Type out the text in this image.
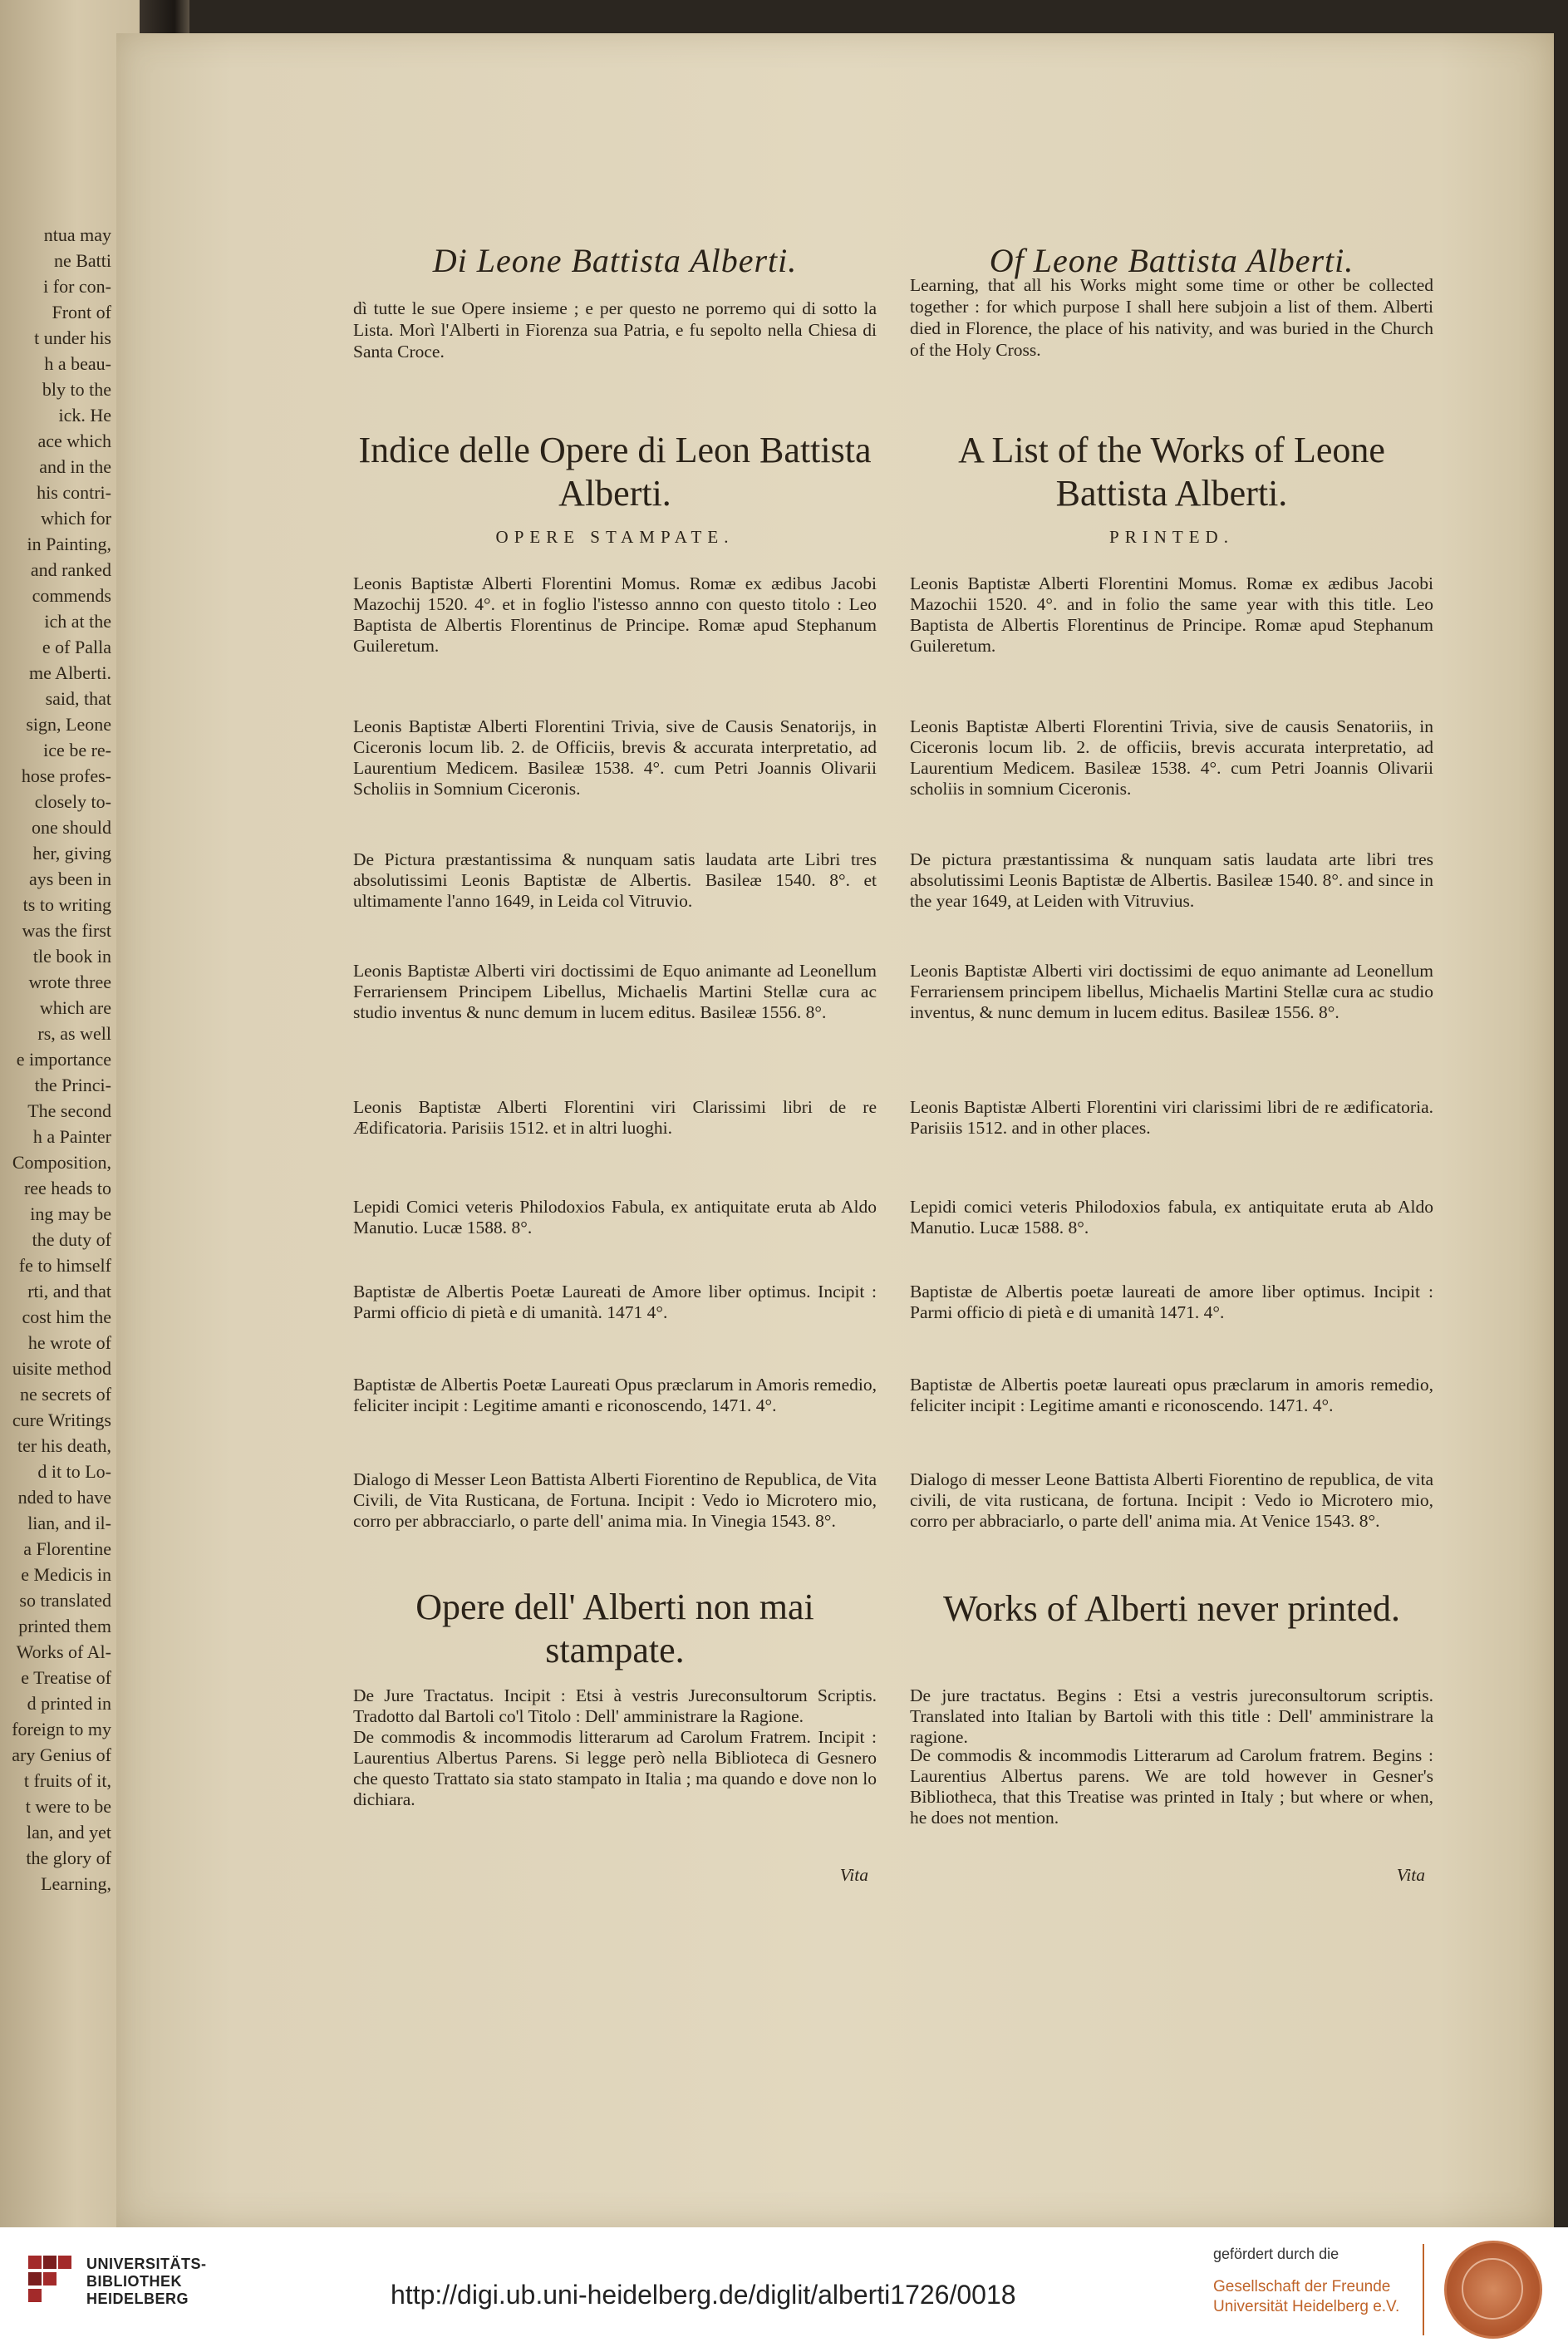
ntua may
ne Batti
i for con-
Front of
t under his
h a beau-
bly to the
ick. He
ace which
and in the
his contri-
which for
in Painting,
and ranked
commends
ich at the
e of Palla
me Alberti.
said, that
sign, Leone
ice be re-
hose profes-
closely to-
one should
her, giving
ays been in
ts to writing
was the first
tle book in
wrote three
which are
rs, as well
e importance
the Princi-
The second
h a Painter
Composition,
ree heads to
ing may be
the duty of
fe to himself
rti, and that
cost him the
he wrote of
uisite method
ne secrets of
cure Writings
ter his death,
d it to Lo-
nded to have
lian, and il-
a Florentine
e Medicis in
so translated
printed them
Works of Al-
e Treatise of
d printed in
foreign to my
ary Genius of
t fruits of it,
t were to be
lan, and yet
the glory of
Learning,
Di Leone Battista Alberti.
dì tutte le sue Opere insieme ; e per questo ne porremo qui di sotto la Lista. Morì l'Alberti in Fiorenza sua Patria, e fu sepolto nella Chiesa di Santa Croce.
Indice delle Opere di Leon Battista Alberti.
OPERE STAMPATE.
Leonis Baptistæ Alberti Florentini Momus. Romæ ex ædibus Jacobi Mazochij 1520. 4°. et in foglio l'istesso annno con questo titolo : Leo Baptista de Albertis Florentinus de Principe. Romæ apud Stephanum Guileretum.
Leonis Baptistæ Alberti Florentini Trivia, sive de Causis Senatorijs, in Ciceronis locum lib. 2. de Officiis, brevis & accurata interpretatio, ad Laurentium Medicem. Basileæ 1538. 4°. cum Petri Joannis Olivarii Scholiis in Somnium Ciceronis.
De Pictura præstantissima & nunquam satis laudata arte Libri tres absolutissimi Leonis Baptistæ de Albertis. Basileæ 1540. 8°. et ultimamente l'anno 1649, in Leida col Vitruvio.
Leonis Baptistæ Alberti viri doctissimi de Equo animante ad Leonellum Ferrariensem Principem Libellus, Michaelis Martini Stellæ cura ac studio inventus & nunc demum in lucem editus. Basileæ 1556. 8°.
Leonis Baptistæ Alberti Florentini viri Clarissimi libri de re Ædificatoria. Parisiis 1512. et in altri luoghi.
Lepidi Comici veteris Philodoxios Fabula, ex antiquitate eruta ab Aldo Manutio. Lucæ 1588. 8°.
Baptistæ de Albertis Poetæ Laureati de Amore liber optimus. Incipit : Parmi officio di pietà e di umanità. 1471 4°.
Baptistæ de Albertis Poetæ Laureati Opus præclarum in Amoris remedio, feliciter incipit : Legitime amanti e riconoscendo, 1471. 4°.
Dialogo di Messer Leon Battista Alberti Fiorentino de Republica, de Vita Civili, de Vita Rusticana, de Fortuna. Incipit : Vedo io Microtero mio, corro per abbracciarlo, o parte dell' anima mia. In Vinegia 1543. 8°.
Opere dell' Alberti non mai stampate.
De Jure Tractatus. Incipit : Etsi à vestris Jureconsultorum Scriptis. Tradotto dal Bartoli co'l Titolo : Dell' amministrare la Ragione.
De commodis & incommodis litterarum ad Carolum Fratrem. Incipit : Laurentius Albertus Parens. Si legge però nella Biblioteca di Gesnero che questo Trattato sia stato stampato in Italia ; ma quando e dove non lo dichiara.
Vita
Of Leone Battista Alberti.
Learning, that all his Works might some time or other be collected together : for which purpose I shall here subjoin a list of them. Alberti died in Florence, the place of his nativity, and was buried in the Church of the Holy Cross.
A List of the Works of Leone Battista Alberti.
PRINTED.
Leonis Baptistæ Alberti Florentini Momus. Romæ ex ædibus Jacobi Mazochii 1520. 4°. and in folio the same year with this title. Leo Baptista de Albertis Florentinus de Principe. Romæ apud Stephanum Guileretum.
Leonis Baptistæ Alberti Florentini Trivia, sive de causis Senatoriis, in Ciceronis locum lib. 2. de officiis, brevis accurata interpretatio, ad Laurentium Medicem. Basileæ 1538. 4°. cum Petri Joannis Olivarii scholiis in somnium Ciceronis.
De pictura præstantissima & nunquam satis laudata arte libri tres absolutissimi Leonis Baptistæ de Albertis. Basileæ 1540. 8°. and since in the year 1649, at Leiden with Vitruvius.
Leonis Baptistæ Alberti viri doctissimi de equo animante ad Leonellum Ferrariensem principem libellus, Michaelis Martini Stellæ cura ac studio inventus, & nunc demum in lucem editus. Basileæ 1556. 8°.
Leonis Baptistæ Alberti Florentini viri clarissimi libri de re ædificatoria. Parisiis 1512. and in other places.
Lepidi comici veteris Philodoxios fabula, ex antiquitate eruta ab Aldo Manutio. Lucæ 1588. 8°.
Baptistæ de Albertis poetæ laureati de amore liber optimus. Incipit : Parmi officio di pietà e di umanità 1471. 4°.
Baptistæ de Albertis poetæ laureati opus præclarum in amoris remedio, feliciter incipit : Legitime amanti e riconoscendo. 1471. 4°.
Dialogo di messer Leone Battista Alberti Fiorentino de republica, de vita civili, de vita rusticana, de fortuna. Incipit : Vedo io Microtero mio, corro per abbraciarlo, o parte dell' anima mia. At Venice 1543. 8°.
Works of Alberti never printed.
De jure tractatus. Begins : Etsi a vestris jureconsultorum scriptis. Translated into Italian by Bartoli with this title : Dell' amministrare la ragione.
De commodis & incommodis Litterarum ad Carolum fratrem. Begins : Laurentius Albertus parens. We are told however in Gesner's Bibliotheca, that this Treatise was printed in Italy ; but where or when, he does not mention.
Vita
UNIVERSITÄTS-
BIBLIOTHEK
HEIDELBERG	http://digi.ub.uni-heidelberg.de/diglit/alberti1726/0018
gefördert durch die
Gesellschaft der Freunde
Universität Heidelberg e.V.
